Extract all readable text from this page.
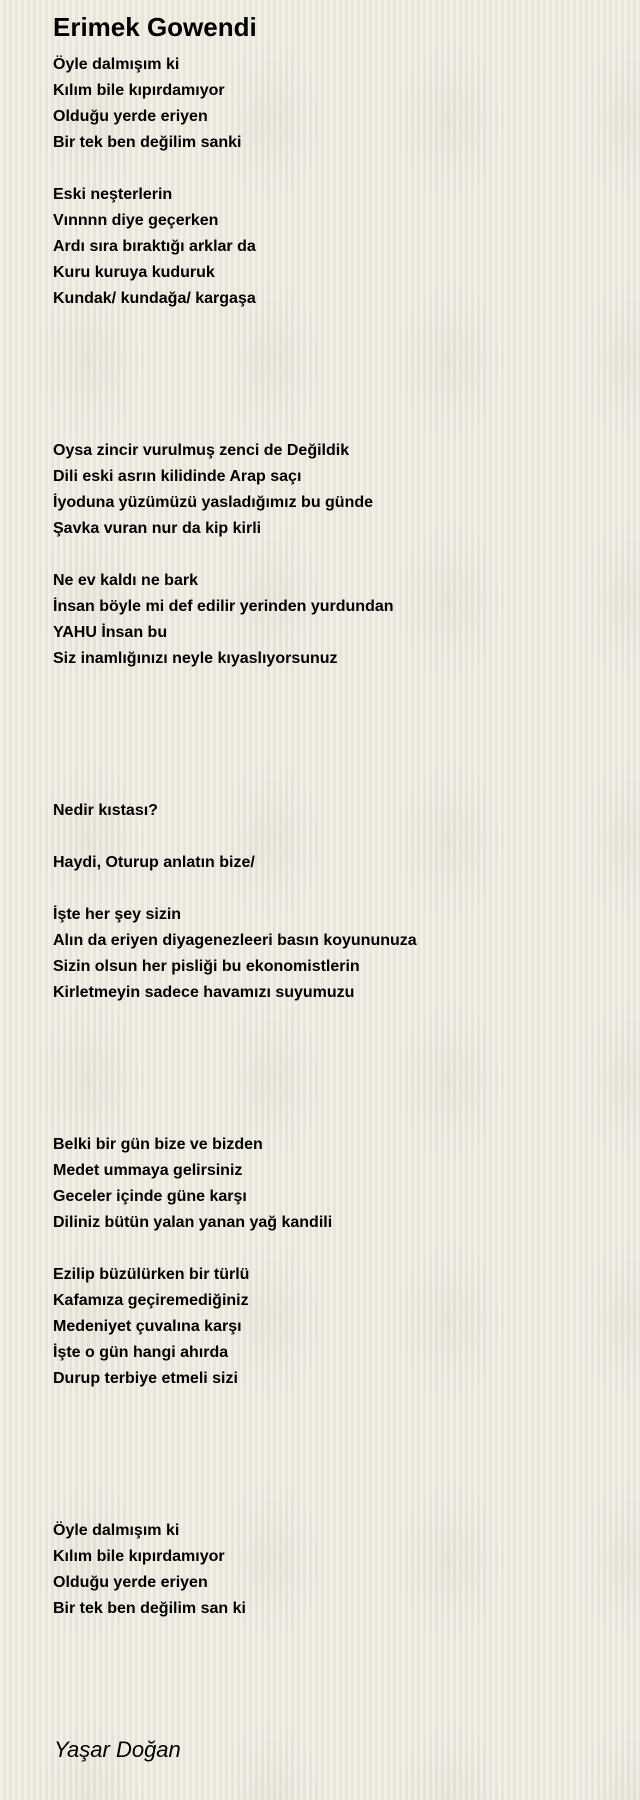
Erimek Gowendi
Öyle dalmışım ki
Kılım bile kıpırdamıyor
Olduğu yerde eriyen
Bir tek ben değilim sanki
Eski neşterlerin
Vınnnn diye geçerken
Ardı sıra bıraktığı arklar da
Kuru kuruya kuduruk
Kundak/ kundağa/ kargaşa
Oysa zincir vurulmuş zenci de Değildik
Dili eski asrın kilidinde Arap saçı
İyoduna yüzümüzü yasladığımız bu günde
Şavka vuran nur da kip kirli
Ne ev kaldı ne bark
İnsan böyle mi def edilir yerinden yurdundan
YAHU İnsan bu
Siz inamlığınızı neyle kıyaslıyorsunuz
Nedir kıstası?
Haydi, Oturup anlatın bize/
İşte her şey sizin
Alın da eriyen diyagenezleeri basın koyununuza
Sizin olsun her pisliği bu ekonomistlerin
Kirletmeyin sadece havamızı suyumuzu
Belki bir gün bize ve bizden
Medet ummaya gelirsiniz
Geceler içinde güne karşı
Diliniz bütün yalan yanan yağ kandili
Ezilip büzülürken bir türlü
Kafamıza geçiremediğiniz
Medeniyet çuvalına karşı
İşte o gün hangi ahırda
Durup terbiye etmeli sizi
Öyle dalmışım ki
Kılım bile kıpırdamıyor
Olduğu yerde eriyen
Bir tek ben değilim san ki
Yaşar Doğan
